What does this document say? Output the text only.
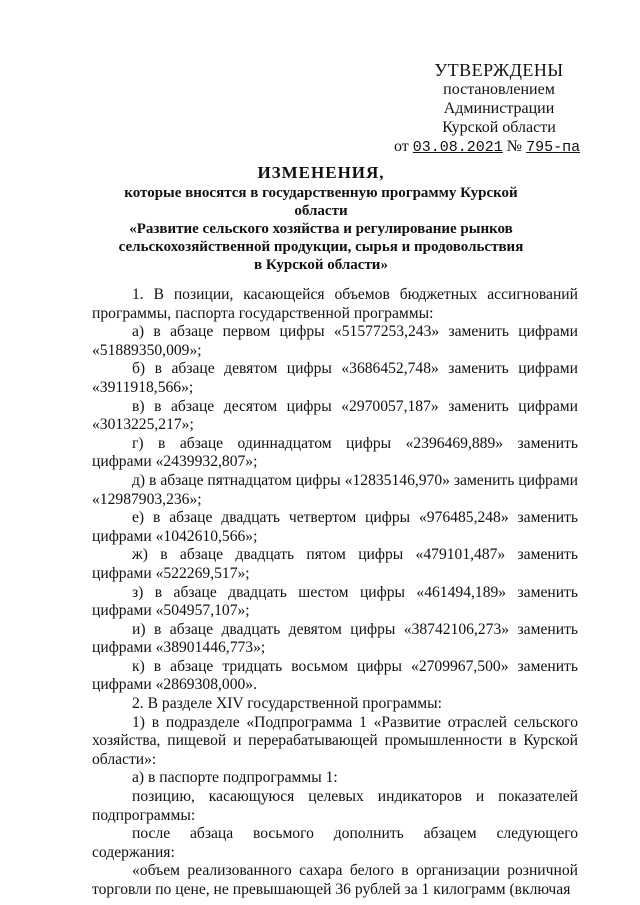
УТВЕРЖДЕНЫ
постановлением Администрации
Курской области
от 03.08.2021 № 795-па
ИЗМЕНЕНИЯ,
которые вносятся в государственную программу Курской области
«Развитие сельского хозяйства и регулирование рынков
сельскохозяйственной продукции, сырья и продовольствия
в Курской области»

1. В позиции, касающейся объемов бюджетных ассигнований программы, паспорта государственной программы:

а) в абзаце первом цифры «51577253,243» заменить цифрами «51889350,009»;

б) в абзаце девятом цифры «3686452,748» заменить цифрами «3911918,566»;

в) в абзаце десятом цифры «2970057,187» заменить цифрами «3013225,217»;

г) в абзаце одиннадцатом цифры «2396469,889» заменить цифрами «2439932,807»;

д) в абзаце пятнадцатом цифры «12835146,970» заменить цифрами «12987903,236»;

е) в абзаце двадцать четвертом цифры «976485,248» заменить цифрами «1042610,566»;

ж) в абзаце двадцать пятом цифры «479101,487» заменить цифрами «522269,517»;

з) в абзаце двадцать шестом цифры «461494,189» заменить цифрами «504957,107»;

и) в абзаце двадцать девятом цифры «38742106,273» заменить цифрами «38901446,773»;

к) в абзаце тридцать восьмом цифры «2709967,500» заменить цифрами «2869308,000».

2. В разделе XIV государственной программы:

1) в подразделе «Подпрограмма 1 «Развитие отраслей сельского хозяйства, пищевой и перерабатывающей промышленности в Курской области»:

а) в паспорте подпрограммы 1:

позицию, касающуюся целевых индикаторов и показателей подпрограммы:

после абзаца восьмого дополнить абзацем следующего содержания:

«объем реализованного сахара белого в организации розничной торговли по цене, не превышающей 36 рублей за 1 килограмм (включая
